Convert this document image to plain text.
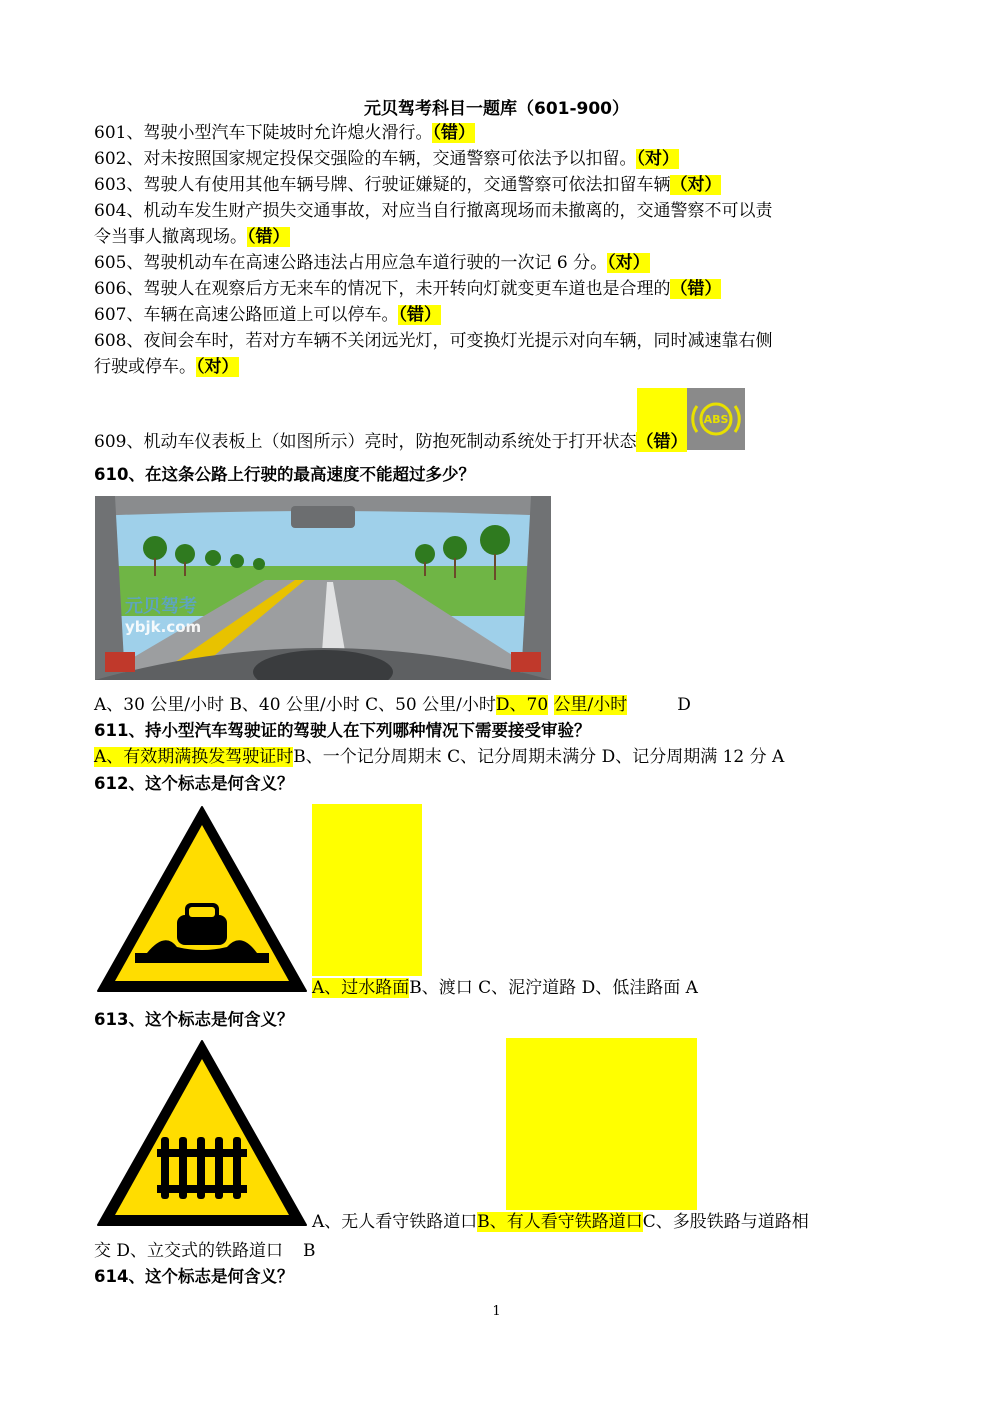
元贝驾考科目一题库（601-900）
601、驾驶小型汽车下陡坡时允许熄火滑行。（错）
602、对未按照国家规定投保交强险的车辆，交通警察可依法予以扣留。（对）
603、驾驶人有使用其他车辆号牌、行驶证嫌疑的，交通警察可依法扣留车辆（对）
604、机动车发生财产损失交通事故，对应当自行撤离现场而未撤离的，交通警察不可以责
令当事人撤离现场。（错）
605、驾驶机动车在高速公路违法占用应急车道行驶的一次记 6 分。（对）
606、驾驶人在观察后方无来车的情况下，未开转向灯就变更车道也是合理的（错）
607、车辆在高速公路匝道上可以停车。（错）
608、夜间会车时，若对方车辆不关闭远光灯，可变换灯光提示对向车辆，同时减速靠右侧
行驶或停车。（对）
ABS
609、机动车仪表板上（如图所示）亮时，防抱死制动系统处于打开状态（错）
610、在这条公路上行驶的最高速度不能超过多少？
元贝驾考
ybjk.com
A、30 公里/小时 B、40 公里/小时 C、50 公里/小时D、70 公里/小时	D
611、持小型汽车驾驶证的驾驶人在下列哪种情况下需要接受审验？
A、有效期满换发驾驶证时B、一个记分周期末 C、记分周期未满分 D、记分周期满 12 分 A
612、这个标志是何含义？
A、过水路面B、渡口 C、泥泞道路 D、低洼路面 A
613、这个标志是何含义？
A、无人看守铁路道口B、有人看守铁路道口C、多股铁路与道路相
交 D、立交式的铁路道口 B
614、这个标志是何含义？
1
